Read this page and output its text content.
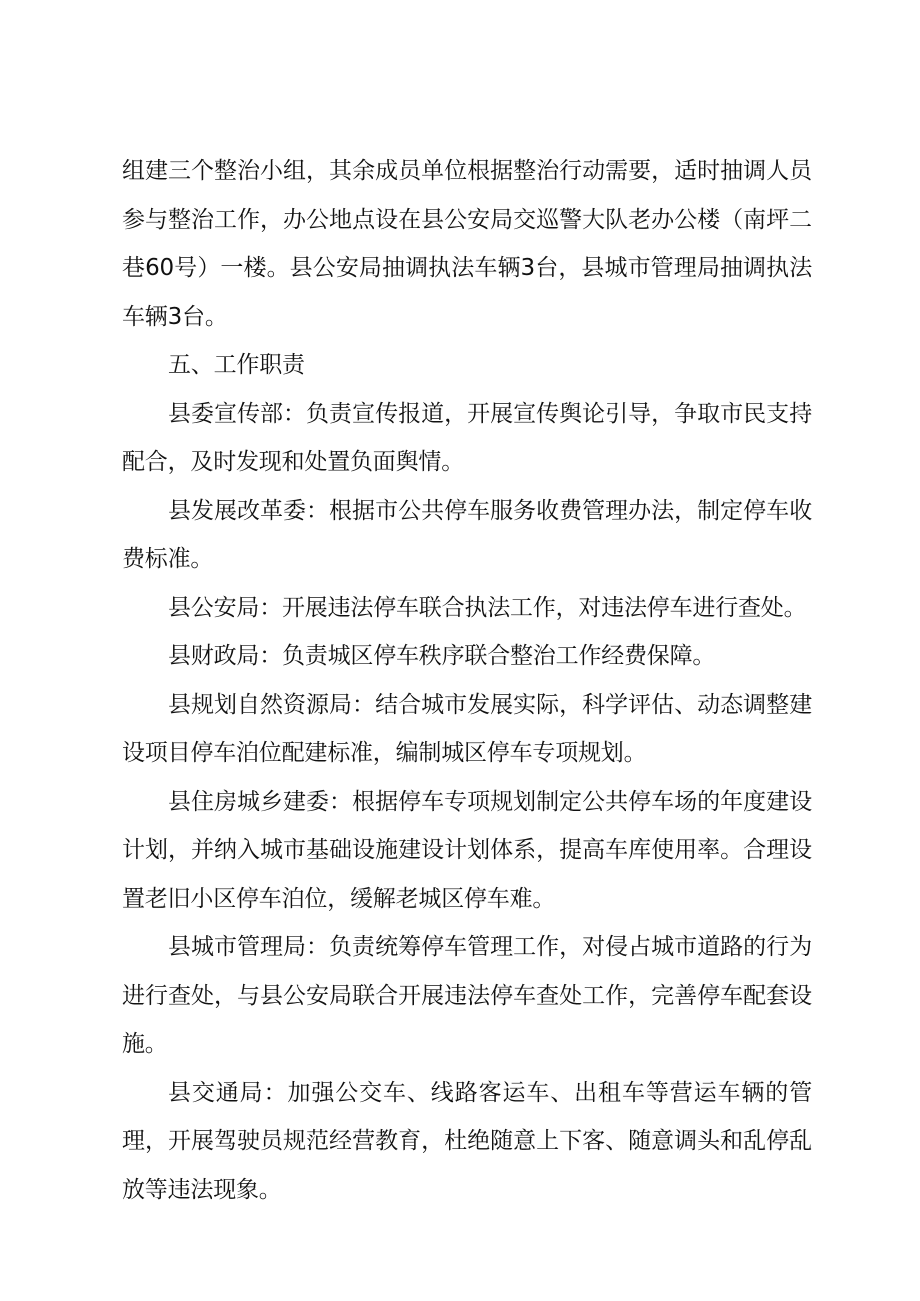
组建三个整治小组，其余成员单位根据整治行动需要，适时抽调人员参与整治工作，办公地点设在县公安局交巡警大队老办公楼（南坪二巷60号）一楼。县公安局抽调执法车辆3台，县城市管理局抽调执法车辆3台。

五、工作职责

县委宣传部：负责宣传报道，开展宣传舆论引导，争取市民支持配合，及时发现和处置负面舆情。

县发展改革委：根据市公共停车服务收费管理办法，制定停车收费标准。

县公安局：开展违法停车联合执法工作，对违法停车进行查处。

县财政局：负责城区停车秩序联合整治工作经费保障。

县规划自然资源局：结合城市发展实际，科学评估、动态调整建设项目停车泊位配建标准，编制城区停车专项规划。

县住房城乡建委：根据停车专项规划制定公共停车场的年度建设计划，并纳入城市基础设施建设计划体系，提高车库使用率。合理设置老旧小区停车泊位，缓解老城区停车难。

县城市管理局：负责统筹停车管理工作，对侵占城市道路的行为进行查处，与县公安局联合开展违法停车查处工作，完善停车配套设施。

县交通局：加强公交车、线路客运车、出租车等营运车辆的管理，开展驾驶员规范经营教育，杜绝随意上下客、随意调头和乱停乱放等违法现象。
